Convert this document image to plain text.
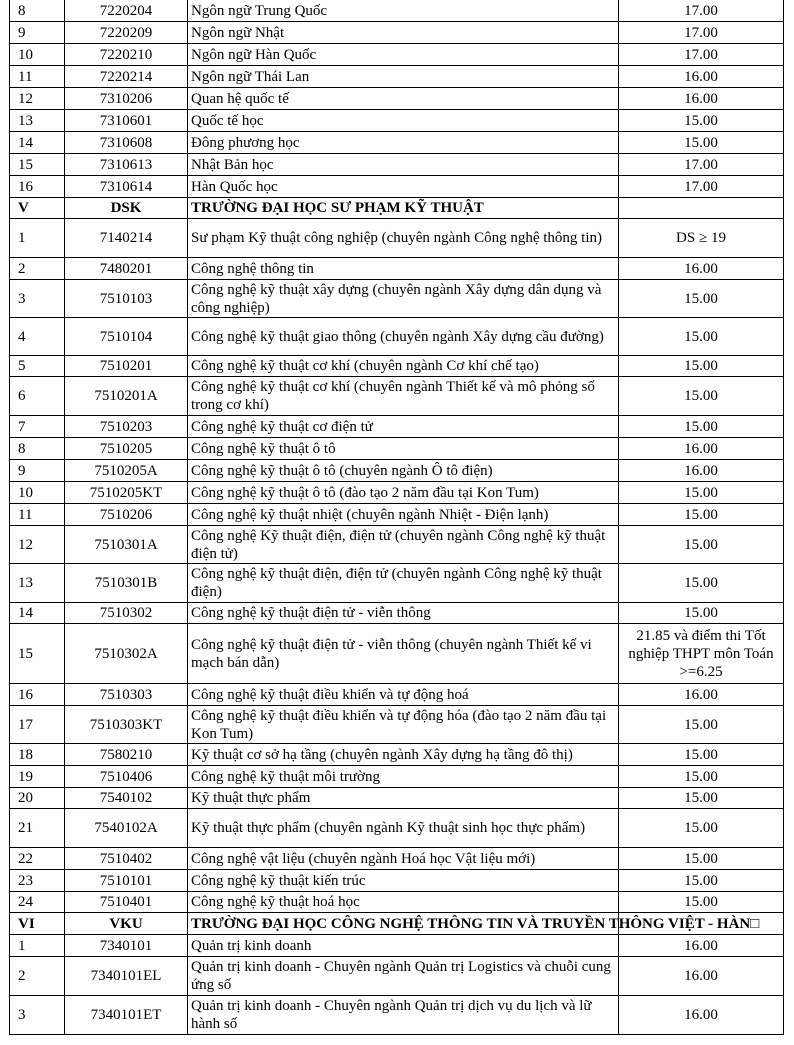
8	7220204	Ngôn ngữ Trung Quốc	17.00
9	7220209	Ngôn ngữ Nhật	17.00
10	7220210	Ngôn ngữ Hàn Quốc	17.00
11	7220214	Ngôn ngữ Thái Lan	16.00
12	7310206	Quan hệ quốc tế	16.00
13	7310601	Quốc tế học	15.00
14	7310608	Đông phương học	15.00
15	7310613	Nhật Bản học	17.00
16	7310614	Hàn Quốc học	17.00
V	DSK	TRƯỜNG ĐẠI HỌC SƯ PHẠM KỸ THUẬT	
1	7140214	Sư phạm Kỹ thuật công nghiệp (chuyên ngành Công nghệ thông tin)	DS ≥ 19
2	7480201	Công nghệ thông tin	16.00
3	7510103	Công nghệ kỹ thuật xây dựng (chuyên ngành Xây dựng dân dụng và công nghiệp)	15.00
4	7510104	Công nghệ kỹ thuật giao thông (chuyên ngành Xây dựng cầu đường)	15.00
5	7510201	Công nghệ kỹ thuật cơ khí (chuyên ngành Cơ khí chế tạo)	15.00
6	7510201A	Công nghệ kỹ thuật cơ khí (chuyên ngành Thiết kế và mô phỏng số trong cơ khí)	15.00
7	7510203	Công nghệ kỹ thuật cơ điện tử	15.00
8	7510205	Công nghệ kỹ thuật ô tô	16.00
9	7510205A	Công nghệ kỹ thuật ô tô (chuyên ngành Ô tô điện)	16.00
10	7510205KT	Công nghệ kỹ thuật ô tô (đào tạo 2 năm đầu tại Kon Tum)	15.00
11	7510206	Công nghệ kỹ thuật nhiệt (chuyên ngành Nhiệt - Điện lạnh)	15.00
12	7510301A	Công nghệ Kỹ thuật điện, điện tử (chuyên ngành Công nghệ kỹ thuật điện tử)	15.00
13	7510301B	Công nghệ kỹ thuật điện, điện tử (chuyên ngành Công nghệ kỹ thuật điện)	15.00
14	7510302	Công nghệ kỹ thuật điện tử - viễn thông	15.00
15	7510302A	Công nghệ kỹ thuật điện tử - viễn thông (chuyên ngành Thiết kế vi mạch bán dẫn)	21.85 và điểm thi Tốt nghiệp THPT môn Toán >=6.25
16	7510303	Công nghệ kỹ thuật điều khiển và tự động hoá	16.00
17	7510303KT	Công nghệ kỹ thuật điều khiển và tự động hóa (đào tạo 2 năm đầu tại Kon Tum)	15.00
18	7580210	Kỹ thuật cơ sở hạ tầng (chuyên ngành Xây dựng hạ tầng đô thị)	15.00
19	7510406	Công nghệ kỹ thuật môi trường	15.00
20	7540102	Kỹ thuật thực phẩm	15.00
21	7540102A	Kỹ thuật thực phẩm (chuyên ngành Kỹ thuật sinh học thực phẩm)	15.00
22	7510402	Công nghệ vật liệu (chuyên ngành Hoá học Vật liệu mới)	15.00
23	7510101	Công nghệ kỹ thuật kiến trúc	15.00
24	7510401	Công nghệ kỹ thuật hoá học	15.00
VI	VKU	TRƯỜNG ĐẠI HỌC CÔNG NGHỆ THÔNG TIN VÀ TRUYỀN THÔNG VIỆT - HÀN□	
1	7340101	Quản trị kinh doanh	16.00
2	7340101EL	Quản trị kinh doanh - Chuyên ngành Quản trị Logistics và chuỗi cung ứng số	16.00
3	7340101ET	Quản trị kinh doanh - Chuyên ngành Quản trị dịch vụ du lịch và lữ hành số	16.00
